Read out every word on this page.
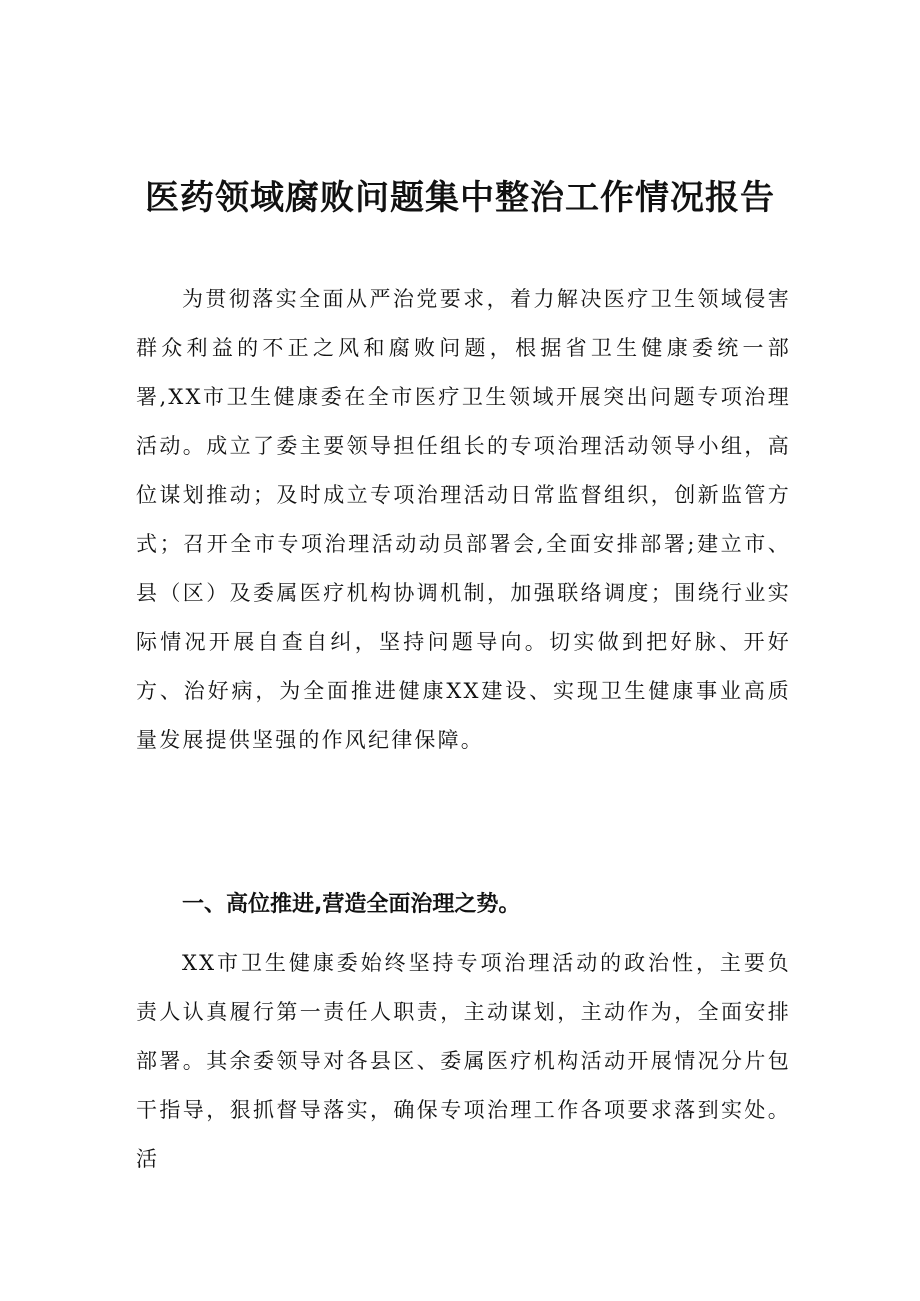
医药领域腐败问题集中整治工作情况报告

为贯彻落实全面从严治党要求，着力解决医疗卫生领域侵害群众利益的不正之风和腐败问题，根据省卫生健康委统一部署,XX市卫生健康委在全市医疗卫生领域开展突出问题专项治理活动。成立了委主要领导担任组长的专项治理活动领导小组，高位谋划推动；及时成立专项治理活动日常监督组织，创新监管方式；召开全市专项治理活动动员部署会,全面安排部署;建立市、县（区）及委属医疗机构协调机制，加强联络调度；围绕行业实际情况开展自查自纠，坚持问题导向。切实做到把好脉、开好方、治好病，为全面推进健康XX建设、实现卫生健康事业高质量发展提供坚强的作风纪律保障。

一、高位推进,营造全面治理之势。

XX市卫生健康委始终坚持专项治理活动的政治性，主要负责人认真履行第一责任人职责，主动谋划，主动作为，全面安排部署。其余委领导对各县区、委属医疗机构活动开展情况分片包干指导，狠抓督导落实，确保专项治理工作各项要求落到实处。活
